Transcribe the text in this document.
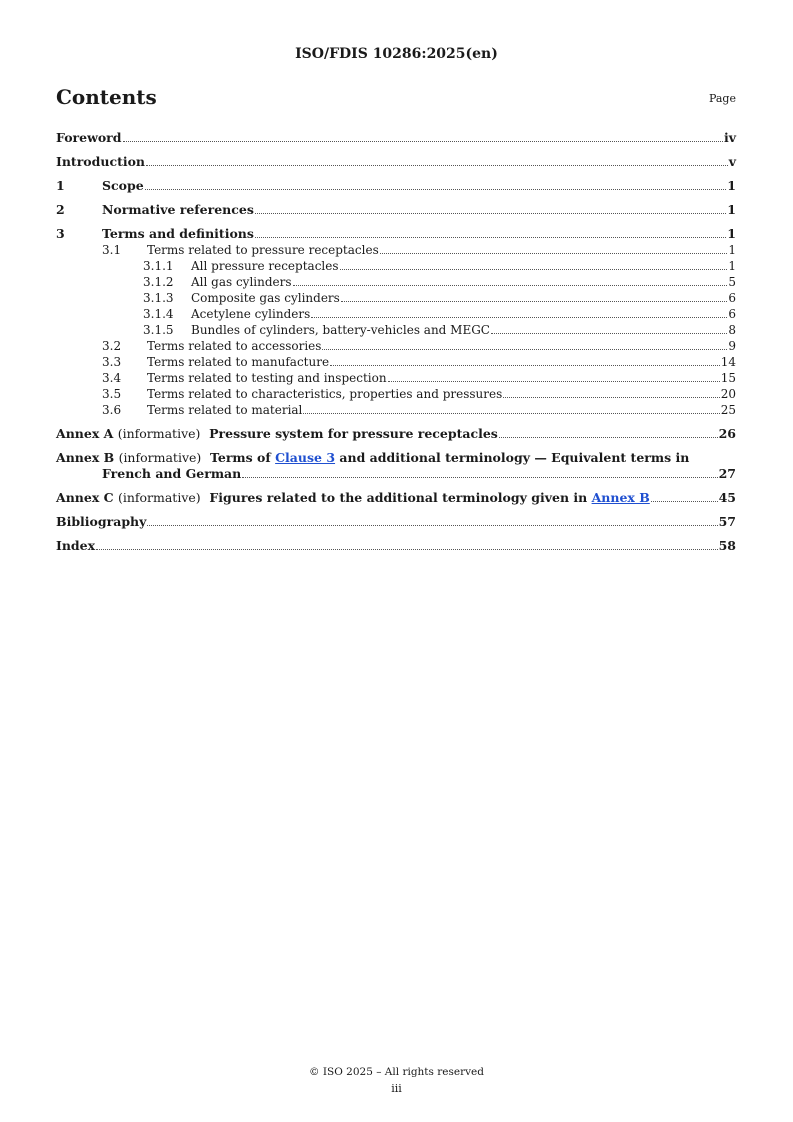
ISO/FDIS 10286:2025(en)
Contents	Page
Foreword	iv
Introduction	v
1	Scope	1
2	Normative references	1
3	Terms and definitions	1
3.1	Terms related to pressure receptacles	1
3.1.1	All pressure receptacles	1
3.1.2	All gas cylinders	5
3.1.3	Composite gas cylinders	6
3.1.4	Acetylene cylinders	6
3.1.5	Bundles of cylinders, battery-vehicles and MEGC	8
3.2	Terms related to accessories	9
3.3	Terms related to manufacture	14
3.4	Terms related to testing and inspection	15
3.5	Terms related to characteristics, properties and pressures	20
3.6	Terms related to material	25
Annex A (informative) Pressure system for pressure receptacles	26
Annex B (informative) Terms of Clause 3 and additional terminology — Equivalent terms in
French and German	27
Annex C (informative) Figures related to the additional terminology given in Annex B	45
Bibliography	57
Index	58
© ISO 2025 – All rights reserved
iii
